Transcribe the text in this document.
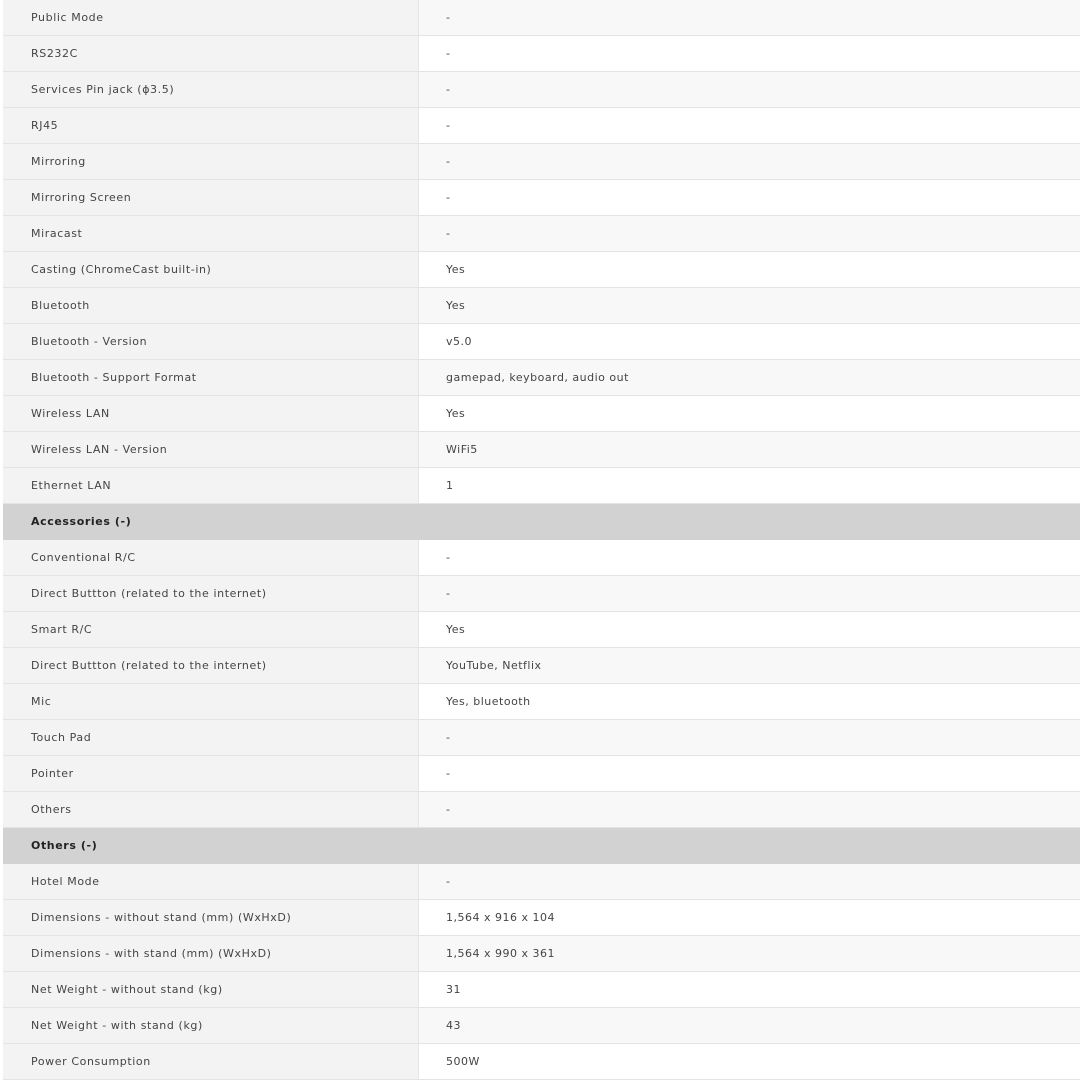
Public Mode	-
RS232C	-
Services Pin jack (ϕ3.5)	-
RJ45	-
Mirroring	-
Mirroring Screen	-
Miracast	-
Casting (ChromeCast built-in)	Yes
Bluetooth	Yes
Bluetooth - Version	v5.0
Bluetooth - Support Format	gamepad, keyboard, audio out
Wireless LAN	Yes
Wireless LAN - Version	WiFi5
Ethernet LAN	1
Accessories (-)
Conventional R/C	-
Direct Buttton (related to the internet)	-
Smart R/C	Yes
Direct Buttton (related to the internet)	YouTube, Netflix
Mic	Yes, bluetooth
Touch Pad	-
Pointer	-
Others	-
Others (-)
Hotel Mode	-
Dimensions - without stand (mm) (WxHxD)	1,564 x 916 x 104
Dimensions - with stand (mm) (WxHxD)	1,564 x 990 x 361
Net Weight - without stand (kg)	31
Net Weight - with stand (kg)	43
Power Consumption	500W
